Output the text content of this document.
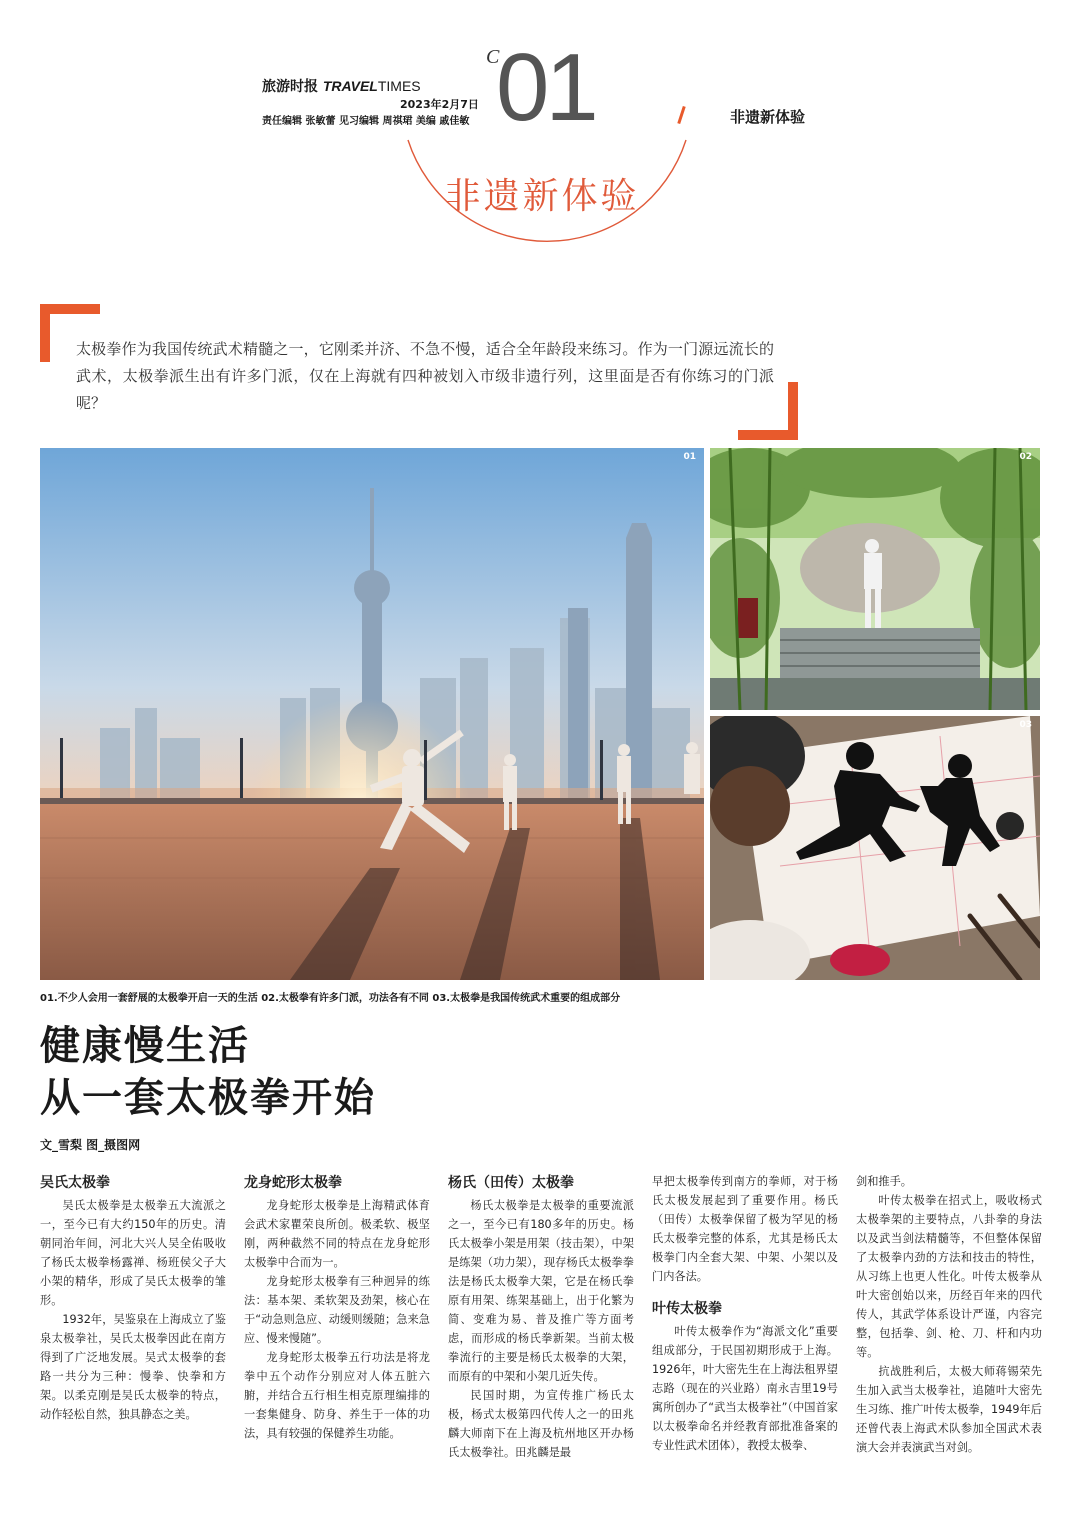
旅游时报 TRAVELTIMES
2023年2月7日
责任编辑 张敏蕾 见习编辑 周祺珺 美编 戚佳敏
C
01	非遗新体验
非遗新体验
太极拳作为我国传统武术精髓之一，它刚柔并济、不急不慢，适合全年龄段来练习。作为一门源远流长的武术，太极拳派生出有许多门派，仅在上海就有四种被划入市级非遗行列，这里面是否有你练习的门派呢？
01	02
03
01.不少人会用一套舒展的太极拳开启一天的生活 02.太极拳有许多门派，功法各有不同 03.太极拳是我国传统武术重要的组成部分
健康慢生活
从一套太极拳开始
文_雪梨 图_摄图网
吴氏太极拳

吴氏太极拳是太极拳五大流派之一，至今已有大约150年的历史。清朝同治年间，河北大兴人吴全佑吸收了杨氏太极拳杨露禅、杨班侯父子大小架的精华，形成了吴氏太极拳的雏形。

1932年，吴鉴泉在上海成立了鉴泉太极拳社，吴氏太极拳因此在南方得到了广泛地发展。吴式太极拳的套路一共分为三种：慢拳、快拳和方架。以柔克刚是吴氏太极拳的特点，动作轻松自然，独具静态之美。

龙身蛇形太极拳

龙身蛇形太极拳是上海精武体育会武术家瞿荣良所创。极柔软、极坚刚，两种截然不同的特点在龙身蛇形太极拳中合而为一。

龙身蛇形太极拳有三种迥异的练法：基本架、柔软架及劲架，核心在于“动急则急应、动缓则缓随；急来急应、慢来慢随”。

龙身蛇形太极拳五行功法是将龙拳中五个动作分别应对人体五脏六腑，并结合五行相生相克原理编排的一套集健身、防身、养生于一体的功法，具有较强的保健养生功能。

杨氏（田传）太极拳

杨氏太极拳是太极拳的重要流派之一，至今已有180多年的历史。杨氏太极拳小架是用架（技击架），中架是练架（功力架），现存杨氏太极拳拳法是杨氏太极拳大架，它是在杨氏拳原有用架、练架基础上，出于化繁为简、变难为易、普及推广等方面考虑，而形成的杨氏拳新架。当前太极拳流行的主要是杨氏太极拳的大架，而原有的中架和小架几近失传。

民国时期，为宣传推广杨氏太极，杨式太极第四代传人之一的田兆麟大师南下在上海及杭州地区开办杨氏太极拳社。田兆麟是最

早把太极拳传到南方的拳师，对于杨氏太极发展起到了重要作用。杨氏（田传）太极拳保留了极为罕见的杨氏太极拳完整的体系，尤其是杨氏太极拳门内全套大架、中架、小架以及门内各法。

叶传太极拳

叶传太极拳作为“海派文化”重要组成部分，于民国初期形成于上海。1926年，叶大密先生在上海法租界望志路（现在的兴业路）南永吉里19号寓所创办了“武当太极拳社”（中国首家以太极拳命名并经教育部批准备案的专业性武术团体），教授太极拳、

剑和推手。

叶传太极拳在招式上，吸收杨式太极拳架的主要特点，八卦拳的身法以及武当剑法精髓等，不但整体保留了太极拳内劲的方法和技击的特性，从习练上也更人性化。叶传太极拳从叶大密创始以来，历经百年来的四代传人，其武学体系设计严谨，内容完整，包括拳、剑、枪、刀、杆和内功等。

抗战胜利后，太极大师蒋锡荣先生加入武当太极拳社，追随叶大密先生习练、推广叶传太极拳，1949年后还曾代表上海武术队参加全国武术表演大会并表演武当对剑。
